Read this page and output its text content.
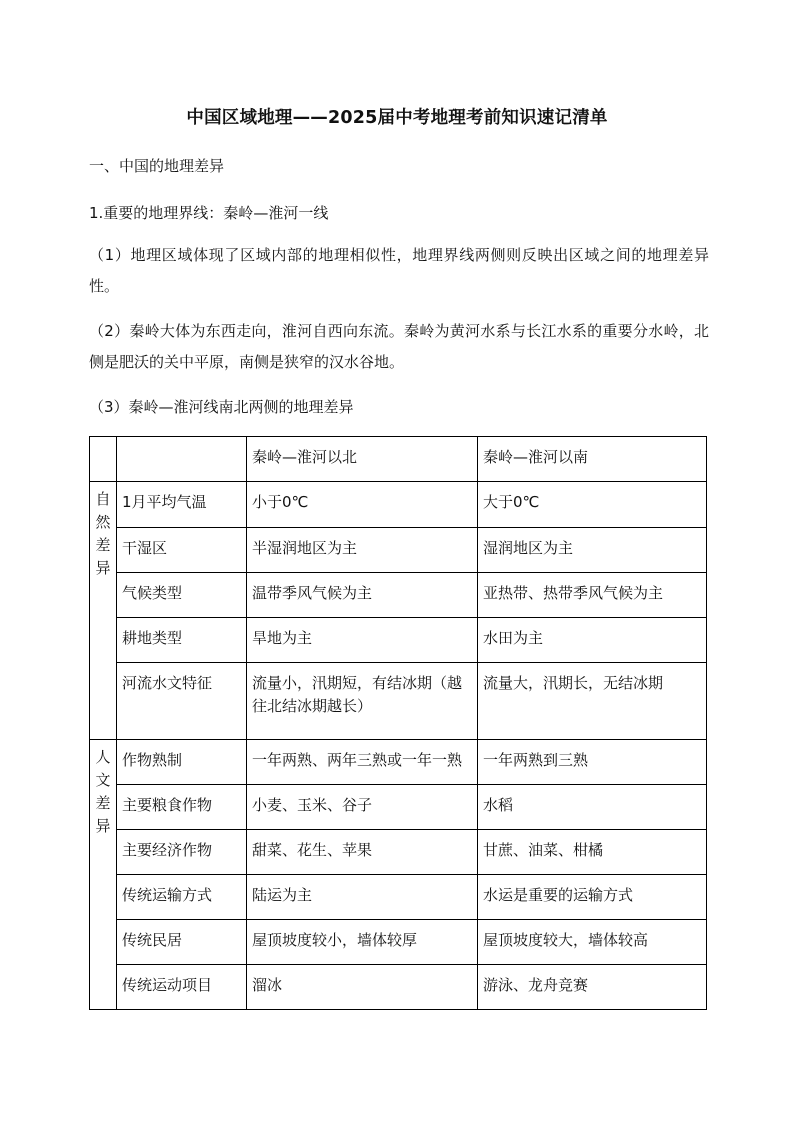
中国区域地理——2025届中考地理考前知识速记清单
一、中国的地理差异
1.重要的地理界线：秦岭—淮河一线
（1）地理区域体现了区域内部的地理相似性，地理界线两侧则反映出区域之间的地理差异性。
（2）秦岭大体为东西走向，淮河自西向东流。秦岭为黄河水系与长江水系的重要分水岭，北侧是肥沃的关中平原，南侧是狭窄的汉水谷地。
（3）秦岭—淮河线南北两侧的地理差异
		秦岭—淮河以北	秦岭—淮河以南

自
然
差
异	1月平均气温	小于0℃	大于0℃
	干湿区	半湿润地区为主	湿润地区为主
	气候类型	温带季风气候为主	亚热带、热带季风气候为主
	耕地类型	旱地为主	水田为主
	河流水文特征	流量小，汛期短，有结冰期（越往北结冰期越长）	流量大，汛期长，无结冰期

人
文
差
异	作物熟制	一年两熟、两年三熟或一年一熟	一年两熟到三熟
	主要粮食作物	小麦、玉米、谷子	水稻
	主要经济作物	甜菜、花生、苹果	甘蔗、油菜、柑橘
	传统运输方式	陆运为主	水运是重要的运输方式
	传统民居	屋顶坡度较小，墙体较厚	屋顶坡度较大，墙体较高
	传统运动项目	溜冰	游泳、龙舟竞赛
